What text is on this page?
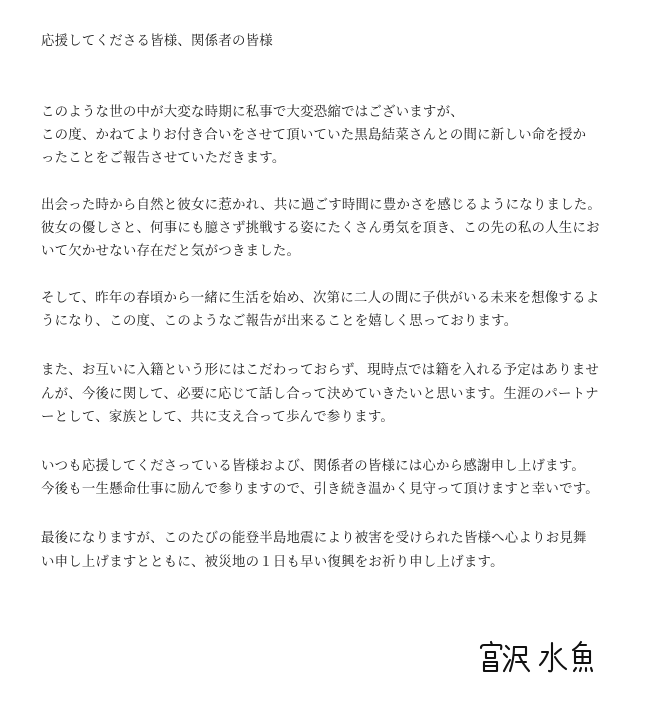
応援してくださる皆様、関係者の皆様
このような世の中が大変な時期に私事で大変恐縮ではございますが、
この度、かねてよりお付き合いをさせて頂いていた黒島結菜さんとの間に新しい命を授か
ったことをご報告させていただきます。
出会った時から自然と彼女に惹かれ、共に過ごす時間に豊かさを感じるようになりました。
彼女の優しさと、何事にも臆さず挑戦する姿にたくさん勇気を頂き、この先の私の人生にお
いて欠かせない存在だと気がつきました。
そして、昨年の春頃から一緒に生活を始め、次第に二人の間に子供がいる未来を想像するよ
うになり、この度、このようなご報告が出来ることを嬉しく思っております。
また、お互いに入籍という形にはこだわっておらず、現時点では籍を入れる予定はありませ
んが、今後に関して、必要に応じて話し合って決めていきたいと思います。生涯のパートナ
ーとして、家族として、共に支え合って歩んで参ります。
いつも応援してくださっている皆様および、関係者の皆様には心から感謝申し上げます。
今後も一生懸命仕事に励んで参りますので、引き続き温かく見守って頂けますと幸いです。
最後になりますが、このたびの能登半島地震により被害を受けられた皆様へ心よりお見舞
い申し上げますとともに、被災地の１日も早い復興をお祈り申し上げます。
